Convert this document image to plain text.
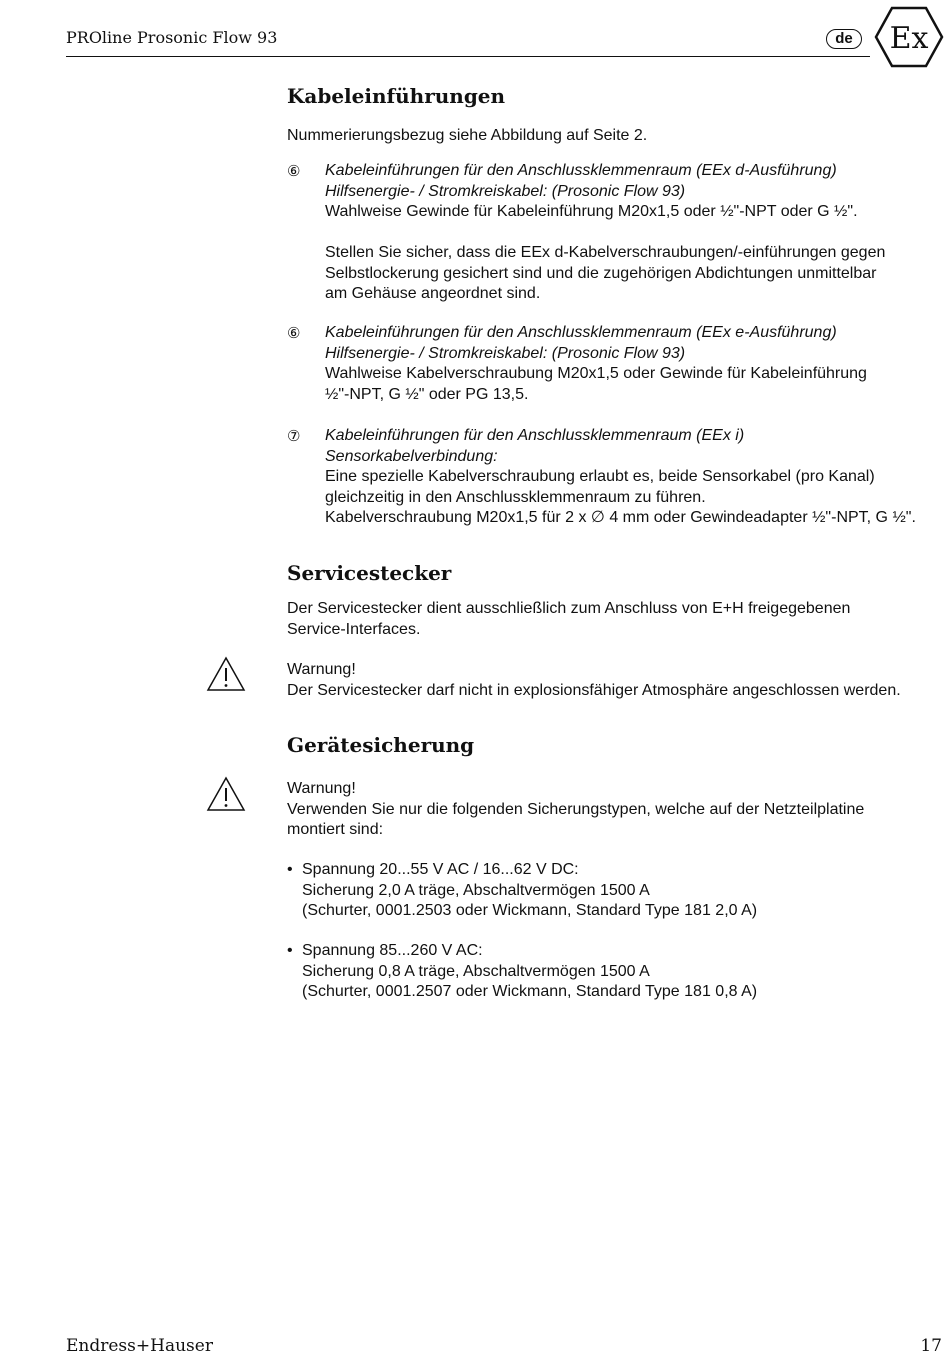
PROline Prosonic Flow 93	de	Ex
Kabeleinführungen
Nummerierungsbezug siehe Abbildung auf Seite 2.
⑥ Kabeleinführungen für den Anschlussklemmenraum (EEx d-Ausführung)
Hilfsenergie- / Stromkreiskabel: (Prosonic Flow 93)
Wahlweise Gewinde für Kabeleinführung M20x1,5 oder ½"-NPT oder G ½".
Stellen Sie sicher, dass die EEx d-Kabelverschraubungen/-einführungen gegen
Selbstlockerung gesichert sind und die zugehörigen Abdichtungen unmittelbar
am Gehäuse angeordnet sind.
⑥ Kabeleinführungen für den Anschlussklemmenraum (EEx e-Ausführung)
Hilfsenergie- / Stromkreiskabel: (Prosonic Flow 93)
Wahlweise Kabelverschraubung M20x1,5 oder Gewinde für Kabeleinführung
½"-NPT, G ½" oder PG 13,5.
⑦ Kabeleinführungen für den Anschlussklemmenraum (EEx i)
Sensorkabelverbindung:
Eine spezielle Kabelverschraubung erlaubt es, beide Sensorkabel (pro Kanal)
gleichzeitig in den Anschlussklemmenraum zu führen.
Kabelverschraubung M20x1,5 für 2 x ∅ 4 mm oder Gewindeadapter ½"-NPT, G ½".
Servicestecker
Der Servicestecker dient ausschließlich zum Anschluss von E+H freigegebenen
Service-Interfaces.
Warnung!
Der Servicestecker darf nicht in explosionsfähiger Atmosphäre angeschlossen werden.
Gerätesicherung
Warnung!
Verwenden Sie nur die folgenden Sicherungstypen, welche auf der Netzteilplatine
montiert sind:
• Spannung 20...55 V AC / 16...62 V DC:
Sicherung 2,0 A träge, Abschaltvermögen 1500 A
(Schurter, 0001.2503 oder Wickmann, Standard Type 181 2,0 A)
• Spannung 85...260 V AC:
Sicherung 0,8 A träge, Abschaltvermögen 1500 A
(Schurter, 0001.2507 oder Wickmann, Standard Type 181 0,8 A)
Endress+Hauser	17
